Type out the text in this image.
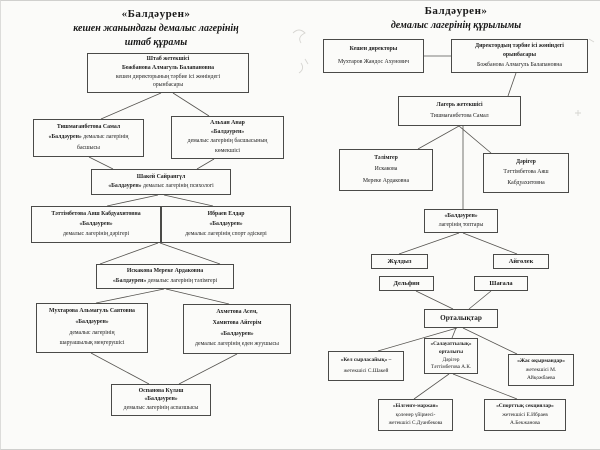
«Балдәурен»
кешен жанындағы демалыс лагерінің
штаб құрамы
Балдәурен»
демалыс лагерінің құрылымы
Штаб жетекшісі
Божбанова Алмагуль Балапановна
кешен директорының тәрбие ісі жөніндегі
орынбасары
Тишмағанбетова Самал
«Балдәурен» демалыс лагерінің
басшысы
Альхан Анар
«Балдәурен»
демалыс лагерінің басшысының
көмекшісі
Шакей Сайрангүл
«Балдәурен» демалыс лагерінің психологі
Тәттімбетова Аяш Кабдуахитовна
«Балдәурен»
демалыс лагерінің дәрігері
Ибраев Елдар
«Балдәурен»
демалыс лагерінің спорт әдіскері
Искакова Мереке Ардаковна
«Балдәурен» демалыс лагерінің тәлімгері
Мухтарова Альмагуль Саятовна
«Балдәурен»
демалыс лагерінің
шаруашылық меңгерушісі
Ахметова Асем,
Хамитова Айгерім
«Балдәурен»
демалыс лагерінің еден жуушысы
Оспанова Күләш
«Балдәурен»
демалыс лагерінің аспазшысы
Кешен директоры
Мухтаров Жандос Ахунович
Директордың тәрбие ісі жөніндегі
орынбасары
Божбанова Алмагуль Балапановна
Лагерь жетекшісі
Тишмағанбетова Самал
Тәлімгер
Искакова
Мереке Ардаковна
Дәрігер
Тәттімбетова Аяш
Кабдуахитовна
«Балдәурен»
лагерінің топтары
Жұлдыз	Айгөлек
Дельфин	Шағала
Орталықтар
«Кел сырласайық» –
жетекшісі С.Шакей
«Салауаттылық»
орталығы
Дәрігер
Тәттімбетова А.К.
«Жас оқырмандар»
жетекшісі М.
Айқожбаева
«Білгенге-маржан»
қолөнер үйірмесі-
жетекшісі С.Дуанбекова
«Спорттық секциялар»
жетекшісі Е.Ибраев
А.Бекжанова
